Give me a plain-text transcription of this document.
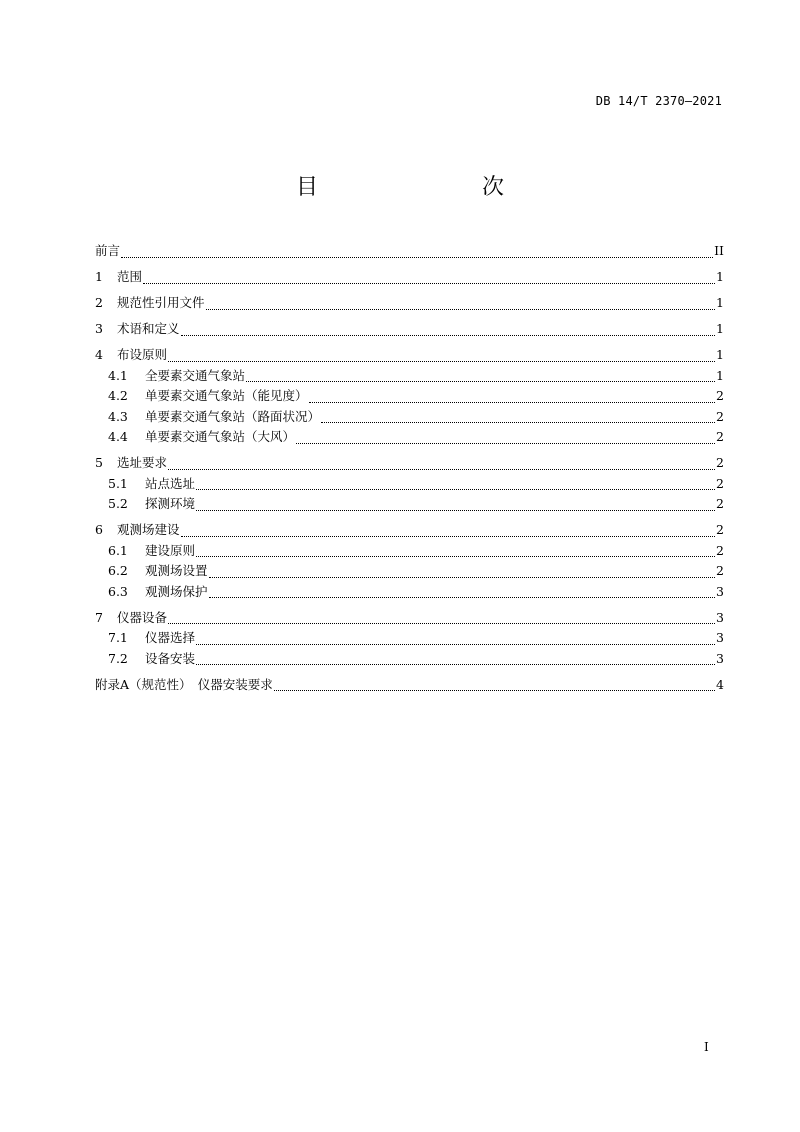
DB 14/T 2370—2021
目　　次
前言	II
1	范围	1
2	规范性引用文件	1
3	术语和定义	1
4	布设原则	1
4.1	全要素交通气象站	1
4.2	单要素交通气象站（能见度）	2
4.3	单要素交通气象站（路面状况）	2
4.4	单要素交通气象站（大风）	2
5	选址要求	2
5.1	站点选址	2
5.2	探测环境	2
6	观测场建设	2
6.1	建设原则	2
6.2	观测场设置	2
6.3	观测场保护	3
7	仪器设备	3
7.1	仪器选择	3
7.2	设备安装	3
附录A（规范性）　仪器安装要求	4
I
